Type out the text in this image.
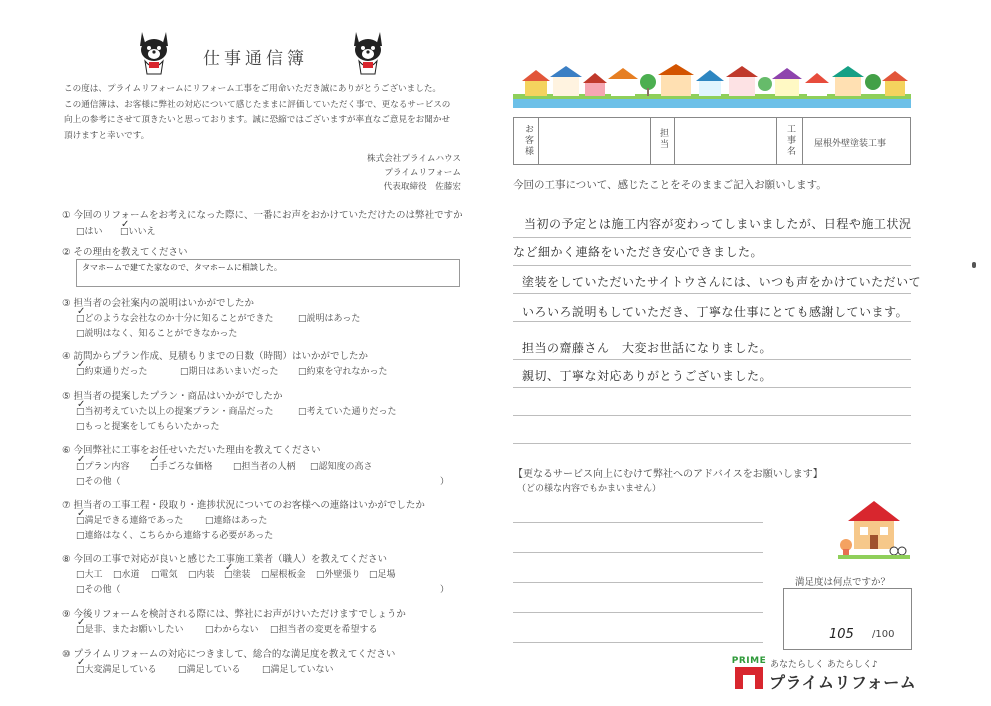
仕事通信簿
この度は、プライムリフォームにリフォーム工事をご用命いただき誠にありがとうございました。
この通信簿は、お客様に弊社の対応について感じたままに評価していただく事で、更なるサービスの
向上の参考にさせて頂きたいと思っております。誠に恐縮ではございますが率直なご意見をお聞かせ
頂けますと幸いです。
株式会社プライムハウス
プライムリフォーム
代表取締役　佐藤宏
① 今回のリフォームをお考えになった際に、一番にお声をおかけていただけたのは弊社ですか
□はい □いいえ
✓
② その理由を教えてください
タマホームで建てた家なので、タマホームに相談した。
③ 担当者の会社案内の説明はいかがでしたか
□どのような会社なのか十分に知ることができた
✓
□説明はあった
□説明はなく、知ることができなかった
④ 訪問からプラン作成、見積もりまでの日数（時間）はいかがでしたか
□約束通りだった
✓
□期日はあいまいだった □約束を守れなかった
⑤ 担当者の提案したプラン・商品はいかがでしたか
□当初考えていた以上の提案プラン・商品だった
✓
□考えていた通りだった
□もっと提案をしてもらいたかった
⑥ 今回弊社に工事をお任せいただいた理由を教えてください
□プラン内容
✓
□手ごろな価格
✓
□担当者の人柄 □認知度の高さ
□その他（	）
⑦ 担当者の工事工程・段取り・進捗状況についてのお客様への連絡はいかがでしたか
□満足できる連絡であった
✓
□連絡はあった
□連絡はなく、こちらから連絡する必要があった
⑧ 今回の工事で対応が良いと感じた工事施工業者（職人）を教えてください
□大工 □水道 □電気 □内装 □塗装
✓
□屋根板金 □外壁張り □足場
□その他（	）
⑨ 今後リフォームを検討される際には、弊社にお声がけいただけますでしょうか
□是非、またお願いしたい
✓
□わからない □担当者の変更を希望する
⑩ プライムリフォームの対応につきまして、総合的な満足度を教えてください
□大変満足している
✓
□満足している □満足していない
お客様	担当	工事名 屋根外壁塗装工事
今回の工事について、感じたことをそのままご記入お願いします。
当初の予定とは施工内容が変わってしまいましたが、日程や施工状況
など細かく連絡をいただき安心できました。
塗装をしていただいたサイトウさんには、いつも声をかけていただいて
いろいろ説明もしていただき、丁寧な仕事にとても感謝しています。
担当の齋藤さん　大変お世話になりました。
親切、丁寧な対応ありがとうございました。
【更なるサービス向上にむけて弊社へのアドバイスをお願いします】
（どの様な内容でもかまいません）
満足度は何点ですか？
105 /100
PRIME あなたらしく あたらしく♪
プライムリフォーム
